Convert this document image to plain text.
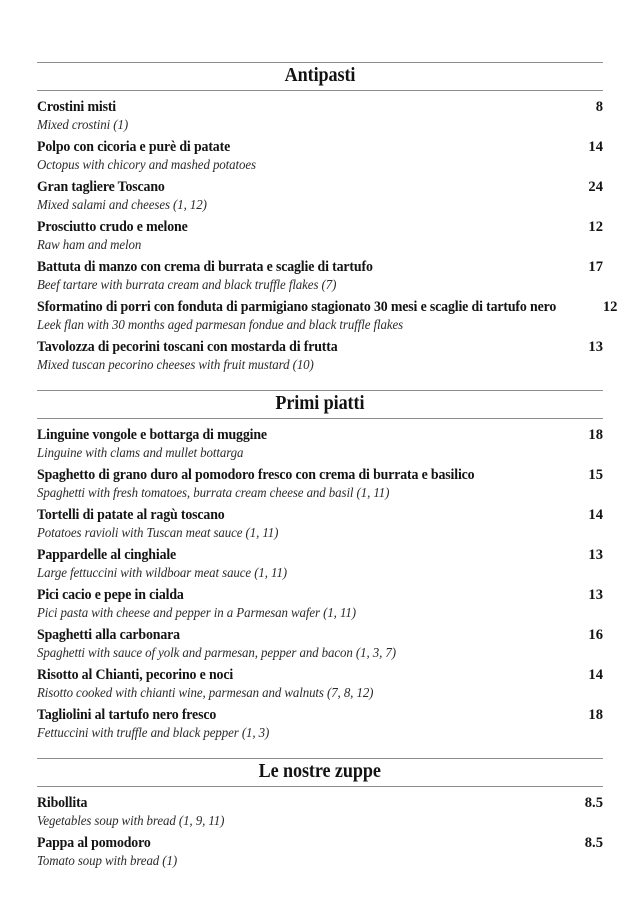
Antipasti
Crostini misti	8
Mixed crostini (1)
Polpo con cicoria e purè di patate	14
Octopus with chicory and mashed potatoes
Gran tagliere Toscano	24
Mixed salami and cheeses (1, 12)
Prosciutto crudo e melone	12
Raw ham and melon
Battuta di manzo con crema di burrata e scaglie di tartufo	17
Beef tartare with burrata cream and black truffle flakes (7)
Sformatino di porri con fonduta di parmigiano stagionato 30 mesi e scaglie di tartufo nero	12
Leek flan with 30 months aged parmesan fondue and black truffle flakes
Tavolozza di pecorini toscani con mostarda di frutta	13
Mixed tuscan pecorino cheeses with fruit mustard (10)
Primi piatti
Linguine vongole e bottarga di muggine	18
Linguine with clams and mullet bottarga
Spaghetto di grano duro al pomodoro fresco con crema di burrata e basilico	15
Spaghetti with fresh tomatoes, burrata cream cheese and basil (1, 11)
Tortelli di patate al ragù toscano	14
Potatoes ravioli with Tuscan meat sauce (1, 11)
Pappardelle al cinghiale	13
Large fettuccini with wildboar meat sauce (1, 11)
Pici cacio e pepe in cialda	13
Pici pasta with cheese and pepper in a Parmesan wafer (1, 11)
Spaghetti alla carbonara	16
Spaghetti with sauce of yolk and parmesan, pepper and bacon (1, 3, 7)
Risotto al Chianti, pecorino e noci	14
Risotto cooked with chianti wine, parmesan and walnuts (7, 8, 12)
Tagliolini al tartufo nero fresco	18
Fettuccini with truffle and black pepper (1, 3)
Le nostre zuppe
Ribollita	8.5
Vegetables soup with bread (1, 9, 11)
Pappa al pomodoro	8.5
Tomato soup with bread (1)
